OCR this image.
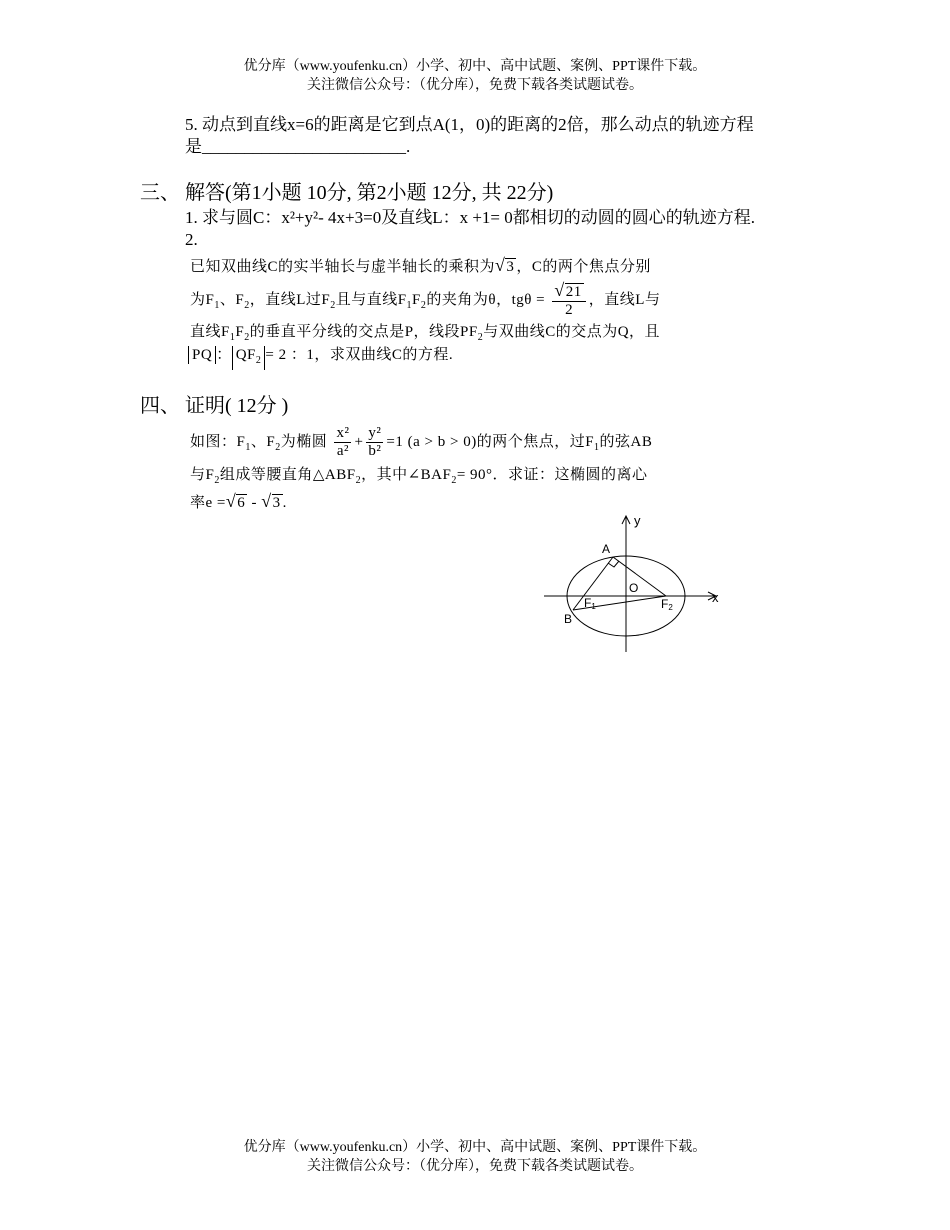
优分库（www.youfenku.cn）小学、初中、高中试题、案例、PPT课件下载。
关注微信公众号：（优分库），免费下载各类试题试卷。
5. 动点到直线x=6的距离是它到点A(1，0)的距离的2倍，那么动点的轨迹方程
是________________________.
三、 解答(第1小题 10分, 第2小题 12分, 共 22分)
1. 求与圆C：x²+y²- 4x+3=0及直线L：x +1= 0都相切的动圆的圆心的轨迹方程.
2.
已知双曲线C的实半轴长与虚半轴长的乘积为√3 ，C的两个焦点分别
为$F_1$、$F_2$，直线L过$F_2$且与直线$F_1F_2$的夹角为θ，$tg\theta = \frac{√21}{2}$ ，直线L与
直线$F_1F_2$的垂直平分线的交点是P，线段$PF_2$与双曲线C的交点为Q，且
PQ ： $QF_2 = 2$ ：1，求双曲线C的方程.
四、 证明( 12分 )
如图：$F_1$、$F_2$为椭圆 $\frac{\text{x²}}{\text{a²}} + \frac{\text{y²}}{\text{b²}} =1$ (a > b > 0)的两个焦点，过$F_1$的弦AB
与$F_2$组成等腰直角$\triangle ABF_2$，其中$\angle BAF_2= 90^\circ$．求证：这椭圆的离心
率e =√6 - √3 .
y
x
A
B
O
F1	F2
优分库（www.youfenku.cn）小学、初中、高中试题、案例、PPT课件下载。
关注微信公众号：（优分库），免费下载各类试题试卷。
